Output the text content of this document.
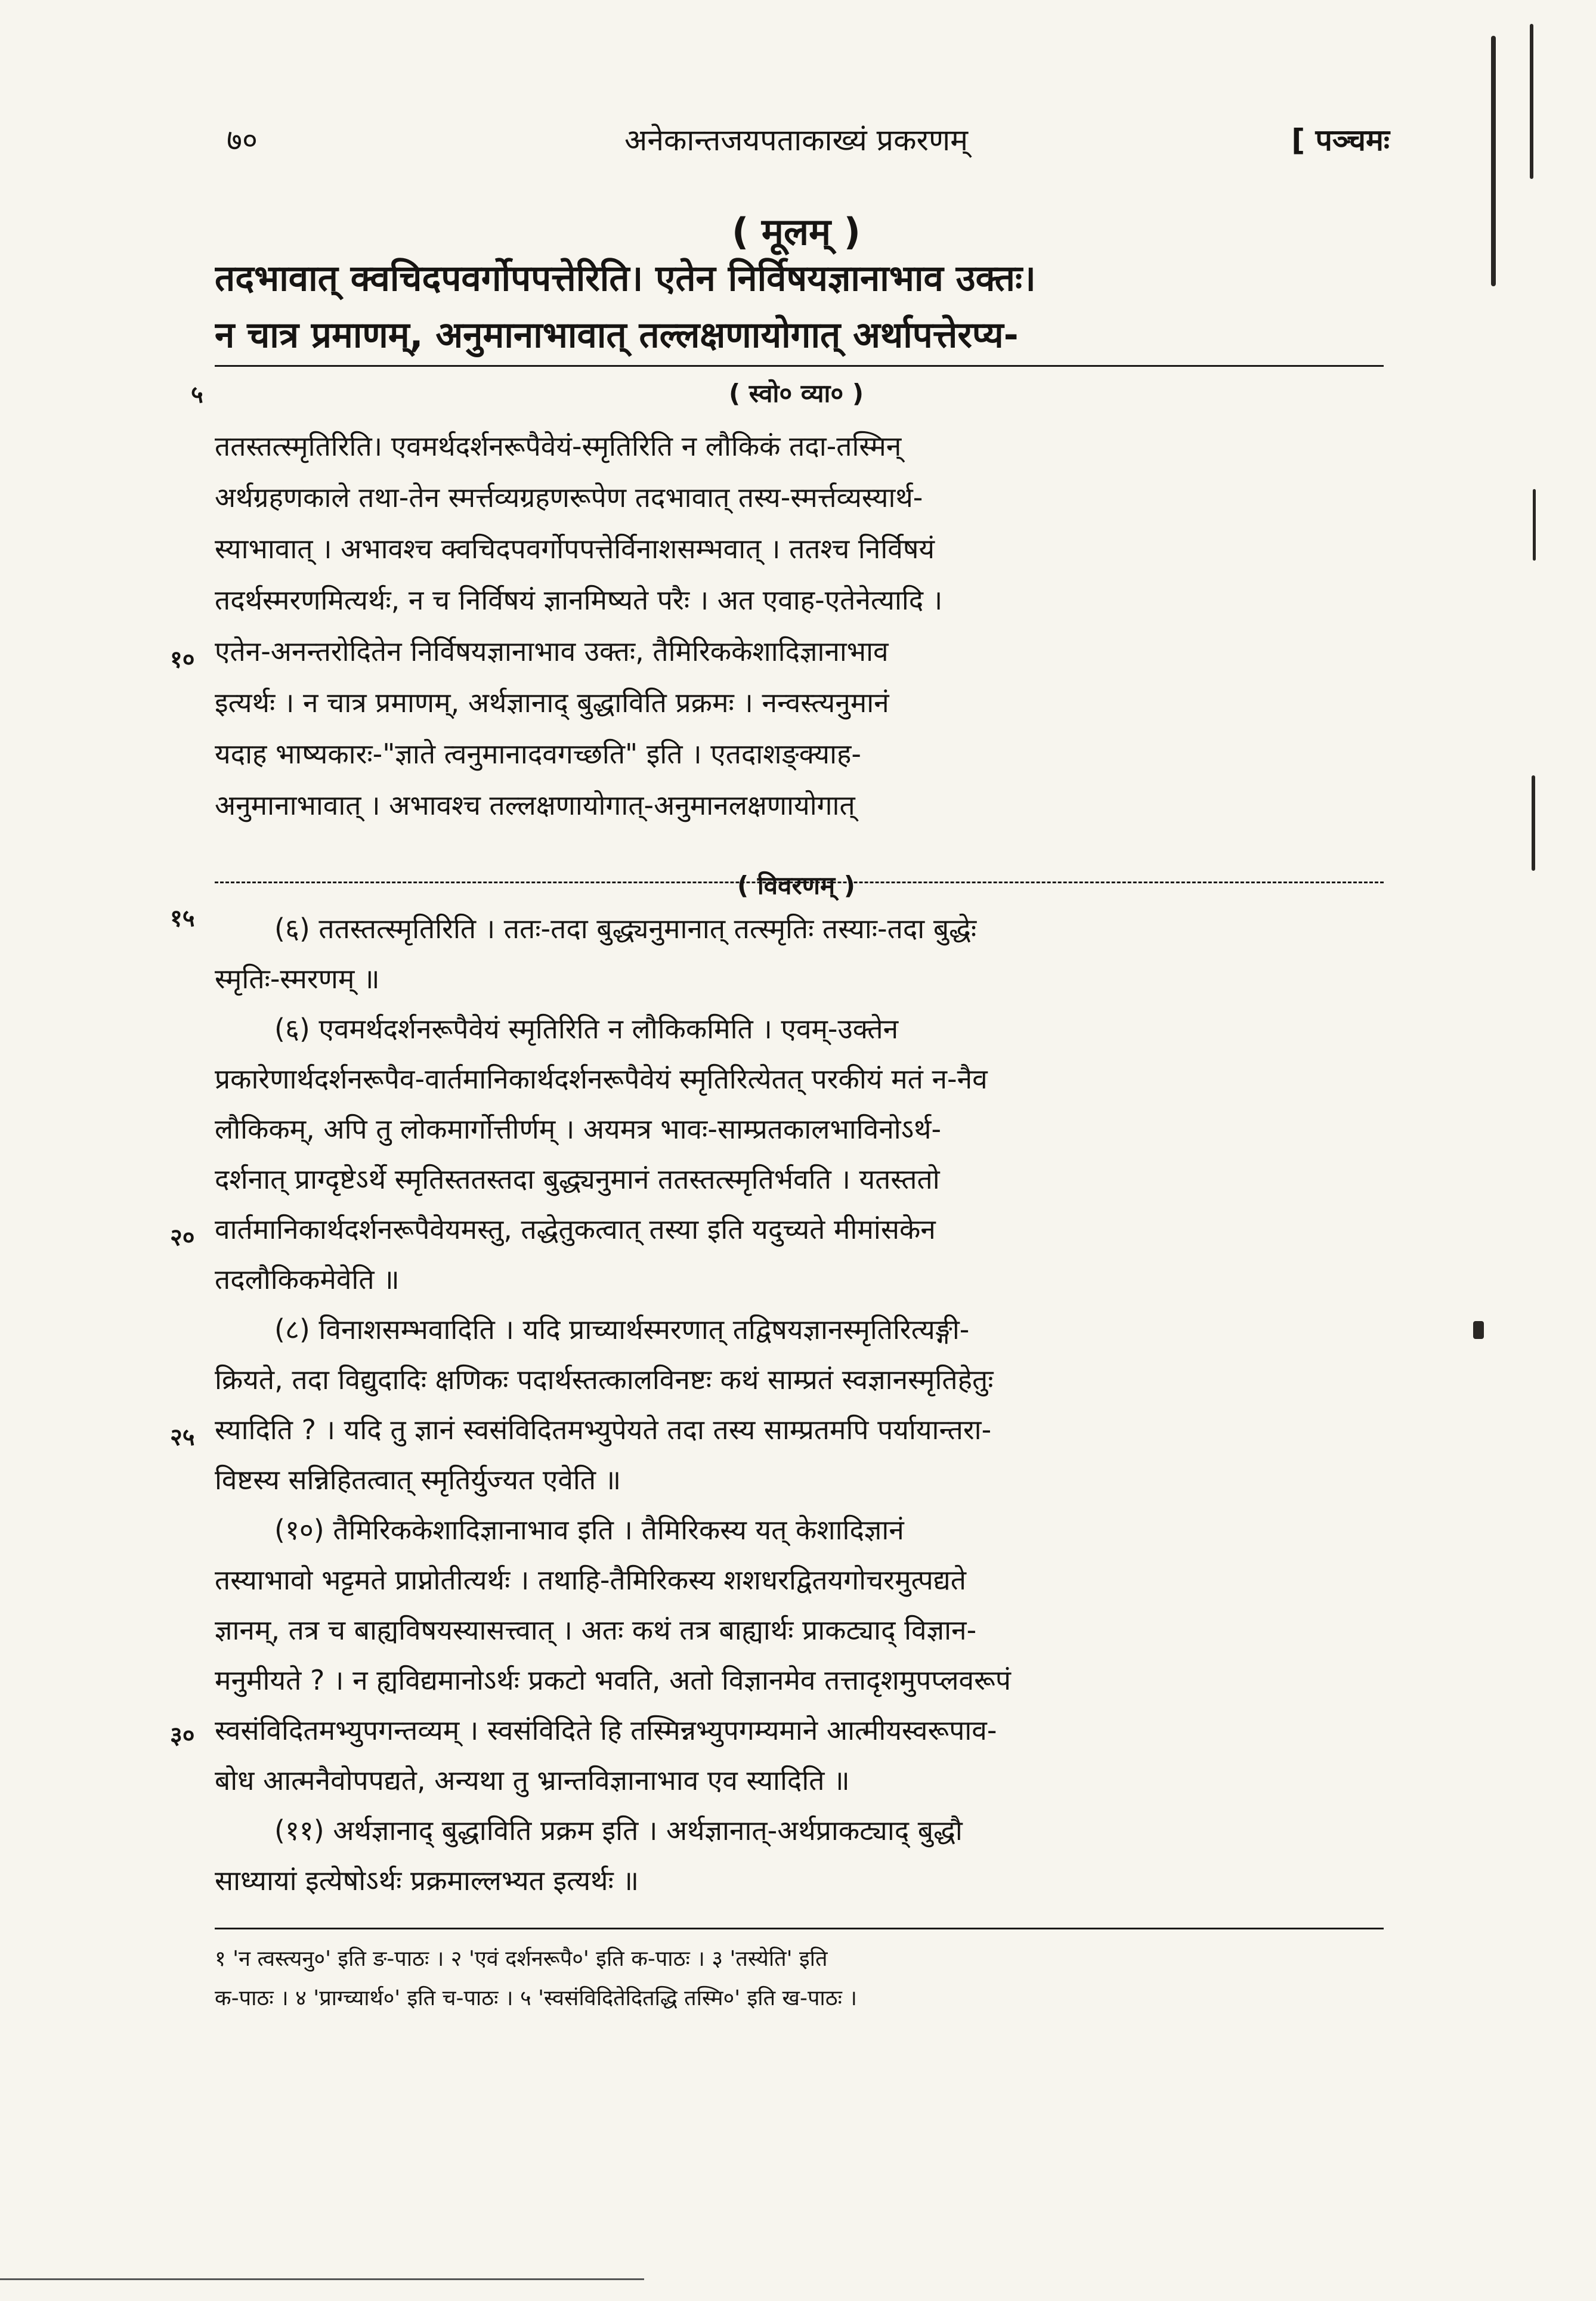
७०	अनेकान्तजयपताकाख्यं प्रकरणम्	[ पञ्चमः
( मूलम् )
तदभावात् क्वचिदपवर्गोपपत्तेरिति। एतेन निर्विषयज्ञानाभाव उक्तः।
न चात्र प्रमाणम्, अनुमानाभावात् तल्लक्षणायोगात् अर्थापत्तेरप्य-
( स्वो० व्या० )
५
ततस्तत्स्मृतिरिति। एवमर्थदर्शनरूपैवेयं-स्मृतिरिति न लौकिकं तदा-तस्मिन्
अर्थग्रहणकाले तथा-तेन स्मर्त्तव्यग्रहणरूपेण तदभावात् तस्य-स्मर्त्तव्यस्यार्थ-
स्याभावात् । अभावश्च क्वचिदपवर्गोपपत्तेर्विनाशसम्भवात् । ततश्च निर्विषयं
तदर्थस्मरणमित्यर्थः, न च निर्विषयं ज्ञानमिष्यते परैः । अत एवाह-एतेनेत्यादि ।
एतेन-अनन्तरोदितेन निर्विषयज्ञानाभाव उक्तः, तैमिरिककेशादिज्ञानाभाव
इत्यर्थः । न चात्र प्रमाणम्, अर्थज्ञानाद् बुद्धाविति प्रक्रमः । नन्वस्त्यनुमानं
यदाह भाष्यकारः-"ज्ञाते त्वनुमानादवगच्छति" इति । एतदाशङ्क्याह-
अनुमानाभावात् । अभावश्च तल्लक्षणायोगात्-अनुमानलक्षणायोगात्
१०
( विवरणम् )
१५	(६) ततस्तत्स्मृतिरिति । ततः-तदा बुद्ध्यनुमानात् तत्स्मृतिः तस्याः-तदा बुद्धेः
स्मृतिः-स्मरणम् ॥
(६) एवमर्थदर्शनरूपैवेयं स्मृतिरिति न लौकिकमिति । एवम्-उक्तेन
प्रकारेणार्थदर्शनरूपैव-वार्तमानिकार्थदर्शनरूपैवेयं स्मृतिरित्येतत् परकीयं मतं न-नैव
लौकिकम्, अपि तु लोकमार्गोत्तीर्णम् । अयमत्र भावः-साम्प्रतकालभाविनोऽर्थ-
दर्शनात् प्राग्दृष्टेऽर्थे स्मृतिस्ततस्तदा बुद्ध्यनुमानं ततस्तत्स्मृतिर्भवति । यतस्ततो
वार्तमानिकार्थदर्शनरूपैवेयमस्तु, तद्धेतुकत्वात् तस्या इति यदुच्यते मीमांसकेन
तदलौकिकमेवेति ॥
(८) विनाशसम्भवादिति । यदि प्राच्यार्थस्मरणात् तद्विषयज्ञानस्मृतिरित्यङ्गी-
क्रियते, तदा विद्युदादिः क्षणिकः पदार्थस्तत्कालविनष्टः कथं साम्प्रतं स्वज्ञानस्मृतिहेतुः
स्यादिति ? । यदि तु ज्ञानं स्वसंविदितमभ्युपेयते तदा तस्य साम्प्रतमपि पर्यायान्तरा-
विष्टस्य सन्निहितत्वात् स्मृतिर्युज्यत एवेति ॥
(१०) तैमिरिककेशादिज्ञानाभाव इति । तैमिरिकस्य यत् केशादिज्ञानं
तस्याभावो भट्टमते प्राप्नोतीत्यर्थः । तथाहि-तैमिरिकस्य शशधरद्वितयगोचरमुत्पद्यते
ज्ञानम्, तत्र च बाह्यविषयस्यासत्त्वात् । अतः कथं तत्र बाह्यार्थः प्राकट्याद् विज्ञान-
मनुमीयते ? । न ह्यविद्यमानोऽर्थः प्रकटो भवति, अतो विज्ञानमेव तत्तादृशमुपप्लवरूपं
स्वसंविदितमभ्युपगन्तव्यम् । स्वसंविदिते हि तस्मिन्नभ्युपगम्यमाने आत्मीयस्वरूपाव-
बोध आत्मनैवोपपद्यते, अन्यथा तु भ्रान्तविज्ञानाभाव एव स्यादिति ॥
(११) अर्थज्ञानाद् बुद्धाविति प्रक्रम इति । अर्थज्ञानात्-अर्थप्राकट्याद् बुद्धौ
साध्यायां इत्येषोऽर्थः प्रक्रमाल्लभ्यत इत्यर्थः ॥
२०
२५
३०
१ 'न त्वस्त्यनु०' इति ङ-पाठः । २ 'एवं दर्शनरूपै०' इति क-पाठः । ३ 'तस्येति' इति
क-पाठः । ४ 'प्राग्च्यार्थ०' इति च-पाठः । ५ 'स्वसंविदितेदितद्धि तस्मि०' इति ख-पाठः ।
